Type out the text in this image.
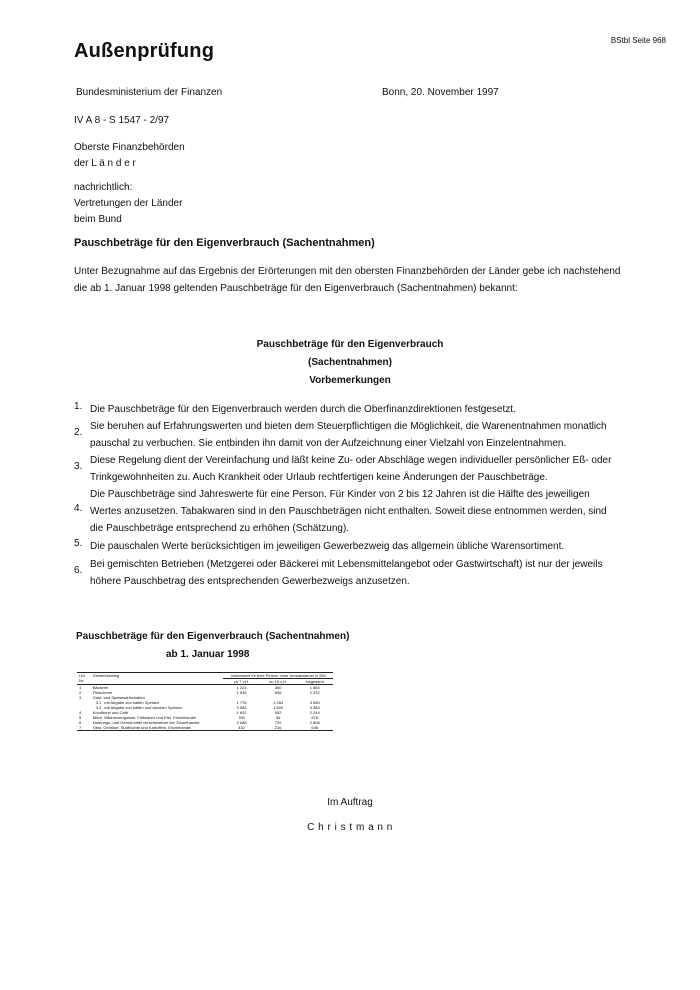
BStbl Seite 968
Außenprüfung
Bundesministerium der Finanzen	Bonn, 20. November 1997
IV A 8 - S 1547 - 2/97
Oberste Finanzbehörden
der L ä n d e r
nachrichtlich:
Vertretungen der Länder
beim Bund
Pauschbeträge für den Eigenverbrauch (Sachentnahmen)
Unter Bezugnahme auf das Ergebnis der Erörterungen mit den obersten Finanzbehörden der Länder gebe ich nachstehend die ab 1. Januar 1998 geltenden Pauschbeträge für den Eigenverbrauch (Sachentnahmen) bekannt:
Pauschbeträge für den Eigenverbrauch
(Sachentnahmen)
Vorbemerkungen
1. Die Pauschbeträge für den Eigenverbrauch werden durch die Oberfinanzdirektionen festgesetzt.
2.
Sie beruhen auf Erfahrungswerten und bieten dem Steuerpflichtigen die Möglichkeit, die Warenentnahmen monatlich pauschal zu verbuchen. Sie entbinden ihn damit von der Aufzeichnung einer Vielzahl von Einzelentnahmen.
3.
Diese Regelung dient der Vereinfachung und läßt keine Zu- oder Abschläge wegen individueller persönlicher Eß- oder Trinkgewohnheiten zu. Auch Krankheit oder Urlaub rechtfertigen keine Änderungen der Pauschbeträge.
4.
Die Pauschbeträge sind Jahreswerte für eine Person. Für Kinder von 2 bis 12 Jahren ist die Hälfte des jeweiligen Wertes anzusetzen. Tabakwaren sind in den Pauschbeträgen nicht enthalten. Soweit diese entnommen werden, sind die Pauschbeträge entsprechend zu erhöhen (Schätzung).
5. Die pauschalen Werte berücksichtigen im jeweiligen Gewerbezweig das allgemein übliche Warensortiment.
6.
Bei gemischten Betrieben (Metzgerei oder Bäckerei mit Lebensmittelangebot oder Gastwirtschaft) ist nur der jeweils höhere Pauschbetrag des entsprechenden Gewerbezweigs anzusetzen.
Pauschbeträge für den Eigenverbrauch (Sachentnahmen)
ab 1. Januar 1998
Lfd. Nr.	Gewerbezweig	Jahreswert für eine Person ohne Umsatzsteuer in DM		
		zu 7 v.H.	zu 15 v.H.	insgesamt
1	Bäckerei	1 224	360	1 584
2	Fleischerei	1 536	696	2 232
3	Gast- und Speisewirtschaften			
	3.1 mit Abgabe von kalten Speisen	1 776	1 284	3 060
	3.2 mit Abgabe von kalten und warmen Speisen	3 084	1 500	4 584
4	Konditorei und Café	1 692	552	2 244
5	Milch, Milcherzeugnisse, Fettwaren und Eier, Einzelhandel	780	96	876
6	Nahrungs- und Genußmittel verschiedener Art, Einzelhandel	2 088	720	2 808
7	Obst, Gemüse, Südfrüchte und Kartoffeln, Einzelhandel	432	216	648
Im Auftrag
C h r i s t m a n n
